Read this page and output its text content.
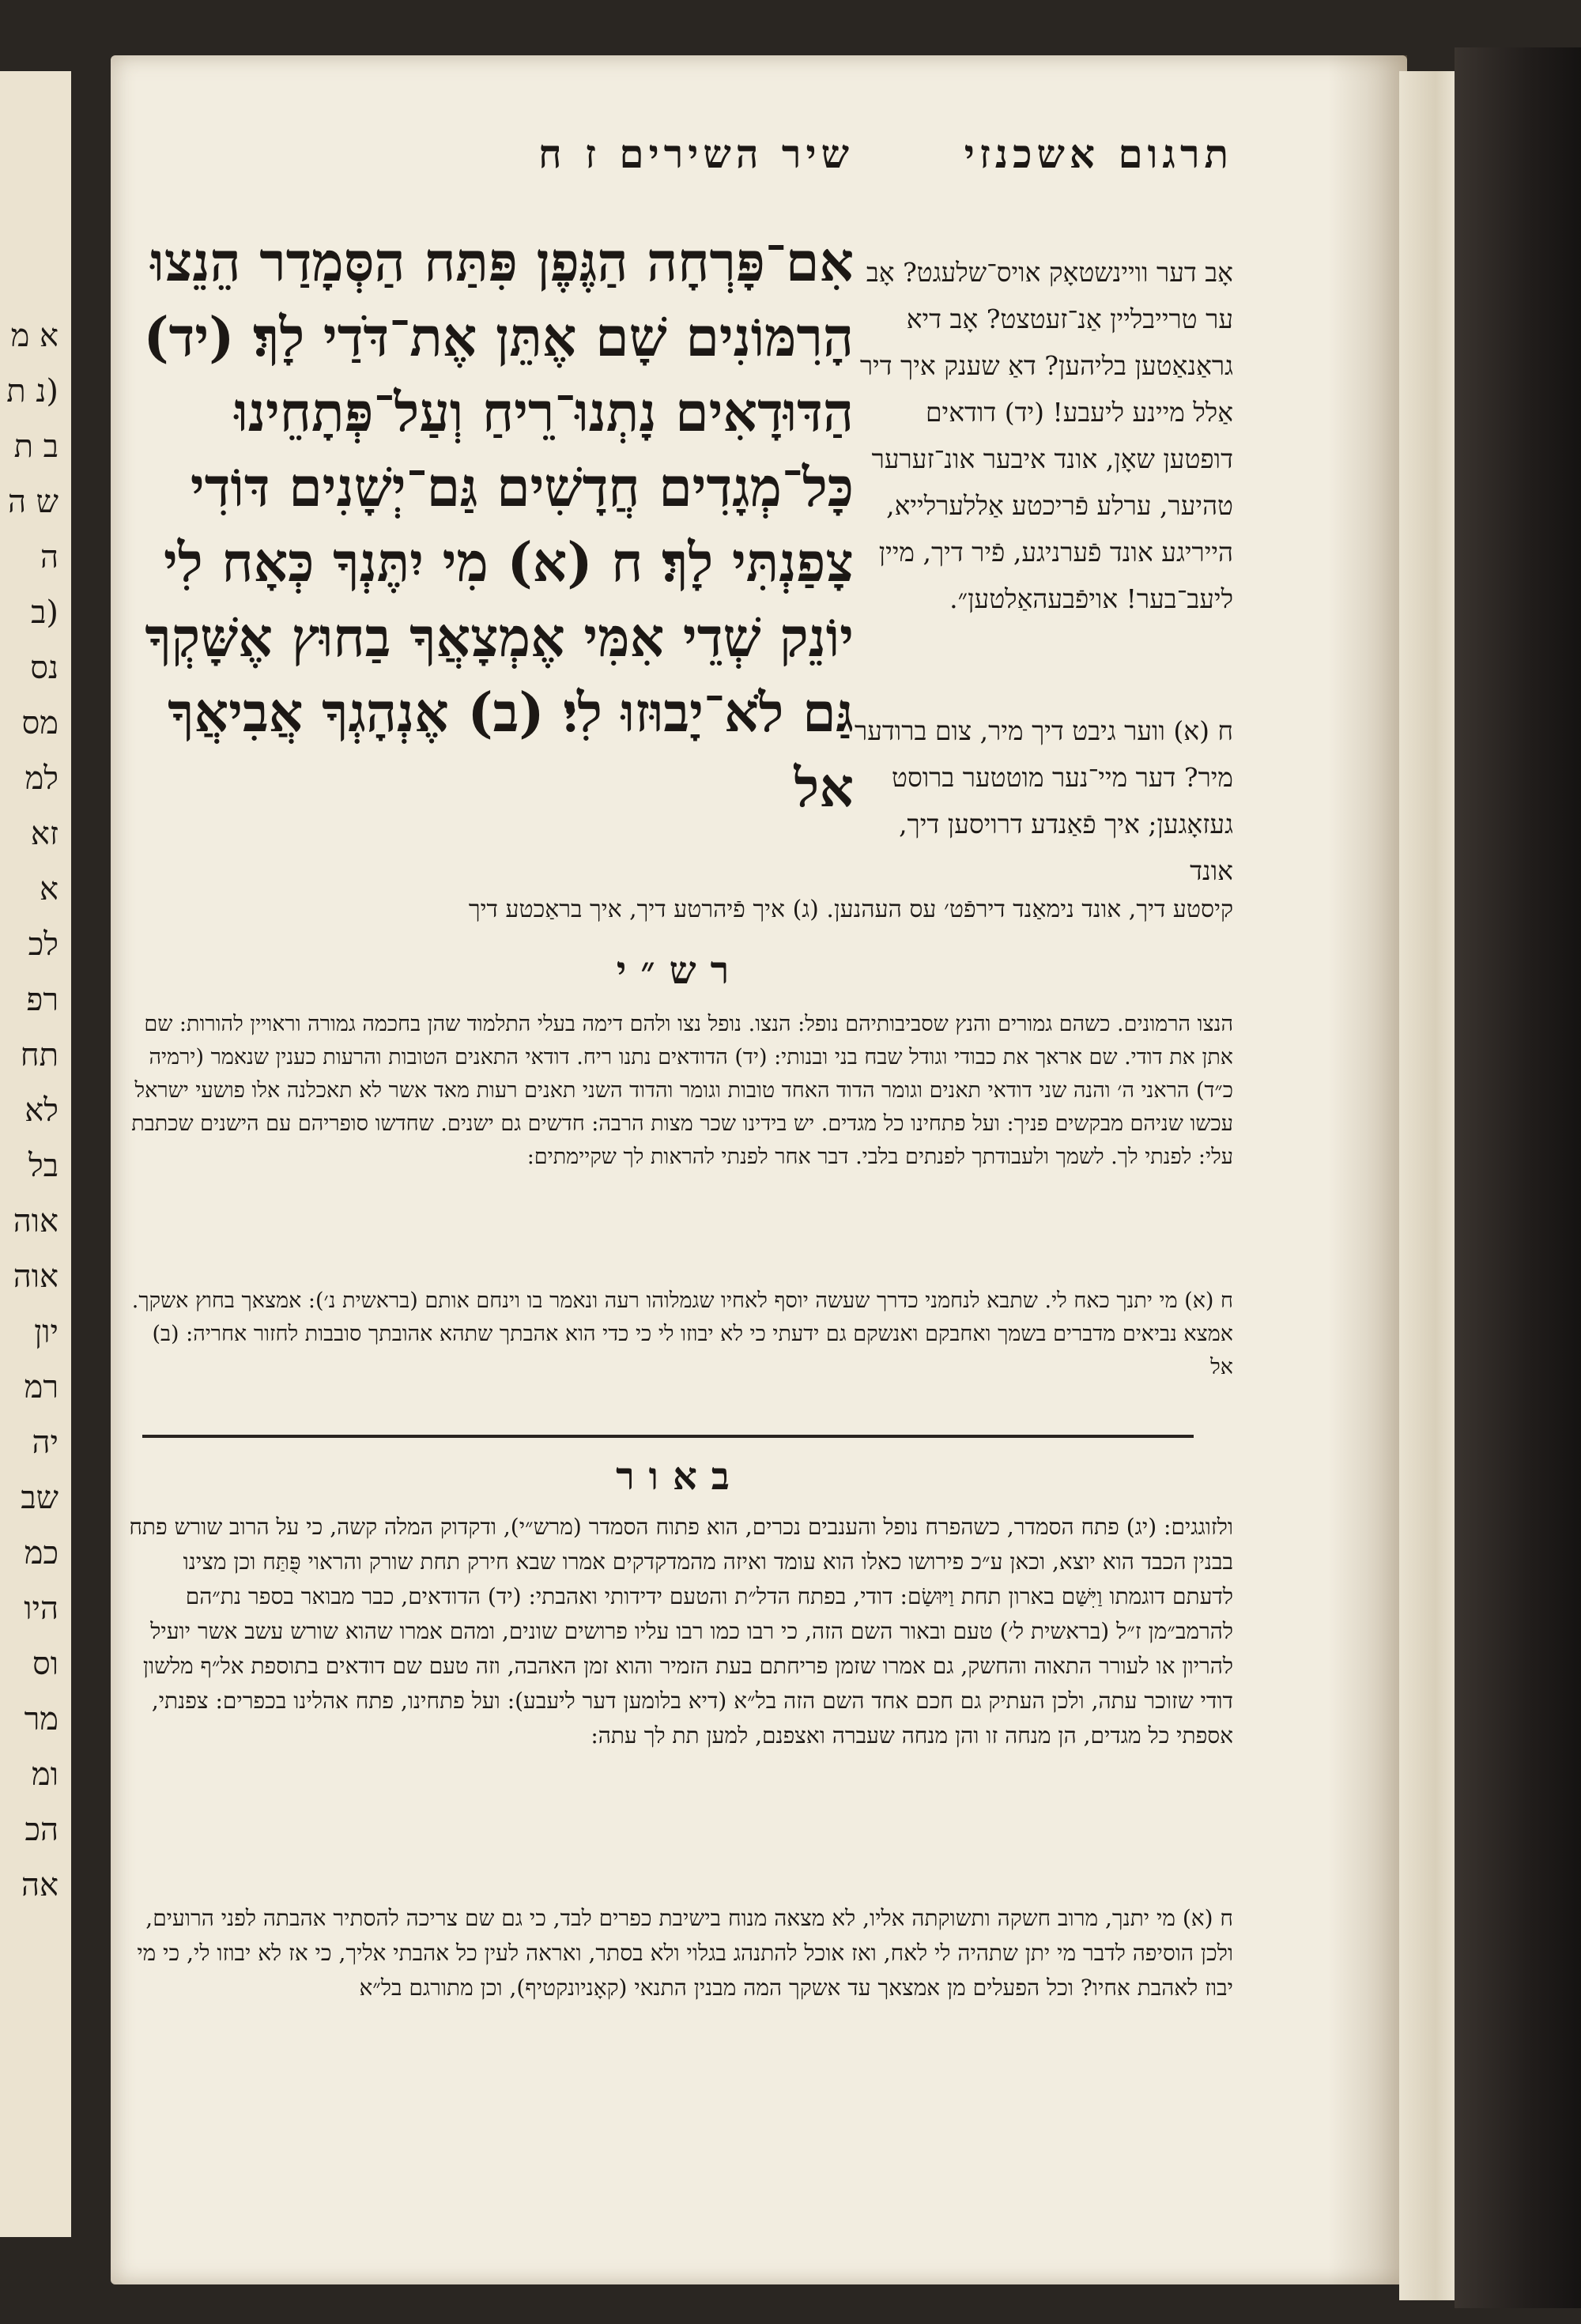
א מ (נ ת ב ת ש ה ה (ב נס מס למ זא א לכ רפ תח לא בל אוה אוה יון רמ יה שב כמ היו וס מר ומ הכ אה
שיר השירים ז ח	תרגום אשכנזי
אִם־פָּרְחָה הַגֶּפֶן פִּתַּח הַסְּמָדַר הֵנֵצוּ הָרִמּוֹנִים שָׁם אֶתֵּן אֶת־דֹּדַי לָךְ׃ (יד) הַדּוּדָאִים נָתְנוּ־רֵיחַ וְעַל־פְּתָחֵינוּ כָּל־מְגָדִים חֲדָשִׁים גַּם־יְשָׁנִים דּוֹדִי צָפַנְתִּי לָךְ׃ ח (א) מִי יִתֶּנְךָ כְּאָח לִי יוֹנֵק שְׁדֵי אִמִּי אֶמְצָאֲךָ בַחוּץ אֶשָּׁקְךָ גַּם לֹא־יָבוּזוּ לִי׃ (ב) אֶנְהָגְךָ אֲבִיאֲךָ אל
אָב דער וויינשטאָק אויס־שלעגט? אָב ער טרייבליין אַנ־זעטצט? אָב דיא גראַנאַטען בליהען? דאַ שענק איך דיר אַלל מיינע ליעבע! (יד) דודאים דופטען שאָן, אונד איבער אונ־זערער טהיער, ערלע פֿריכטע אַללערלייא, הייריגע אונד פֿערניגע, פֿיר דיך, מיין ליעב־בער! אויפֿבעהאַלטען״.
ח (א) ווער גיבט דיך מיר, צום ברודער מיר? דער מיי־נער מוטטער ברוסט געזאָגען; איך פֿאַנדע דרויסען דיך, אונד
קיסטע דיך, אונד נימאַנד דירפֿט׳ עס העהנען. (ג) איך פֿיהרטע דיך, איך בראַכטע דיך
רש״י
הנצו הרמונים. כשהם גמורים והנץ שסביבותיהם נופל: הנצו. נופל נצו ולהם דימה בעלי התלמוד שהן בחכמה גמורה וראויין להורות: שם אתן את דודי. שם אראך את כבודי וגודל שבח בני ובנותי: (יד) הדודאים נתנו ריח. דודאי התאנים הטובות והרעות כענין שנאמר (ירמיה כ״ד) הראני ה׳ והנה שני דודאי תאנים וגומר הדוד האחד טובות וגומר והדוד השני תאנים רעות מאד אשר לא תאכלנה אלו פושעי ישראל עכשו שניהם מבקשים פניך: ועל פתחינו כל מגדים. יש בידינו שכר מצות הרבה: חדשים גם ישנים. שחדשו סופריהם עם הישנים שכתבת עלי: לפנתי לך. לשמך ולעבודתך לפנתים בלבי. דבר אחר לפנתי להראות לך שקיימתים:
ח (א) מי יתנך כאח לי. שתבא לנחמני כדרך שעשה יוסף לאחיו שגמלוהו רעה ונאמר בו וינחם אותם (בראשית נ׳): אמצאך בחוץ אשקך. אמצא נביאים מדברים בשמך ואחבקם ואנשקם גם ידעתי כי לא יבוזו לי כי כדי הוא אהבתך שתהא אהובתך סובבות לחזור אחריה: (ב) אל
באור
ולזוגגים: (יג) פתח הסמדר, כשהפרח נופל והענבים נכרים, הוא פתוח הסמדר (מרש״י), ודקדוק המלה קשה, כי על הרוב שורש פתח בבנין הכבד הוא יוצא, וכאן ע״כ פירושו כאלו הוא עומד ואיזה מהמדקדקים אמרו שבא חירק תחת שורק והראוי פֻּתַּח וכן מצינו לדעתם דוגמתו וַיִּשַּׁם בארון תחת וַיּוּשַׂם: דודי, בפתח הדל״ת והטעם ידידותי ואהבתי: (יד) הדודאים, כבר מבואר בספר נת״הם להרמב״מן ז״ל (בראשית ל׳) טעם ובאור השם הזה, כי רבו כמו רבו עליו פרושים שונים, ומהם אמרו שהוא שורש עשב אשר יועיל להריון או לעורר התאוה והחשק, גם אמרו שזמן פריחתם בעת הזמיר והוא זמן האהבה, וזה טעם שם דודאים בתוספת אל״ף מלשון דודי שזוכר עתה, ולכן העתיק גם חכם אחד השם הזה בל״א (דיא בלומען דער ליעבע): ועל פתחינו, פתח אהלינו בכפרים: צפנתי, אספתי כל מגדים, הן מנחה זו והן מנחה שעברה ואצפנם, למען תת לך עתה:
ח (א) מי יתנך, מרוב חשקה ותשוקתה אליו, לא מצאה מנוח בישיבת כפרים לבד, כי גם שם צריכה להסתיר אהבתה לפני הרועים, ולכן הוסיפה לדבר מי יתן שתהיה לי לאח, ואז אוכל להתנהג בגלוי ולא בסתר, ואראה לעין כל אהבתי אליך, כי אז לא יבוזו לי, כי מי יבוז לאהבת אחיו? וכל הפעלים מן אמצאך עד אשקך המה מבנין התנאי (קאָניונקטיף), וכן מתורגם בל״א
